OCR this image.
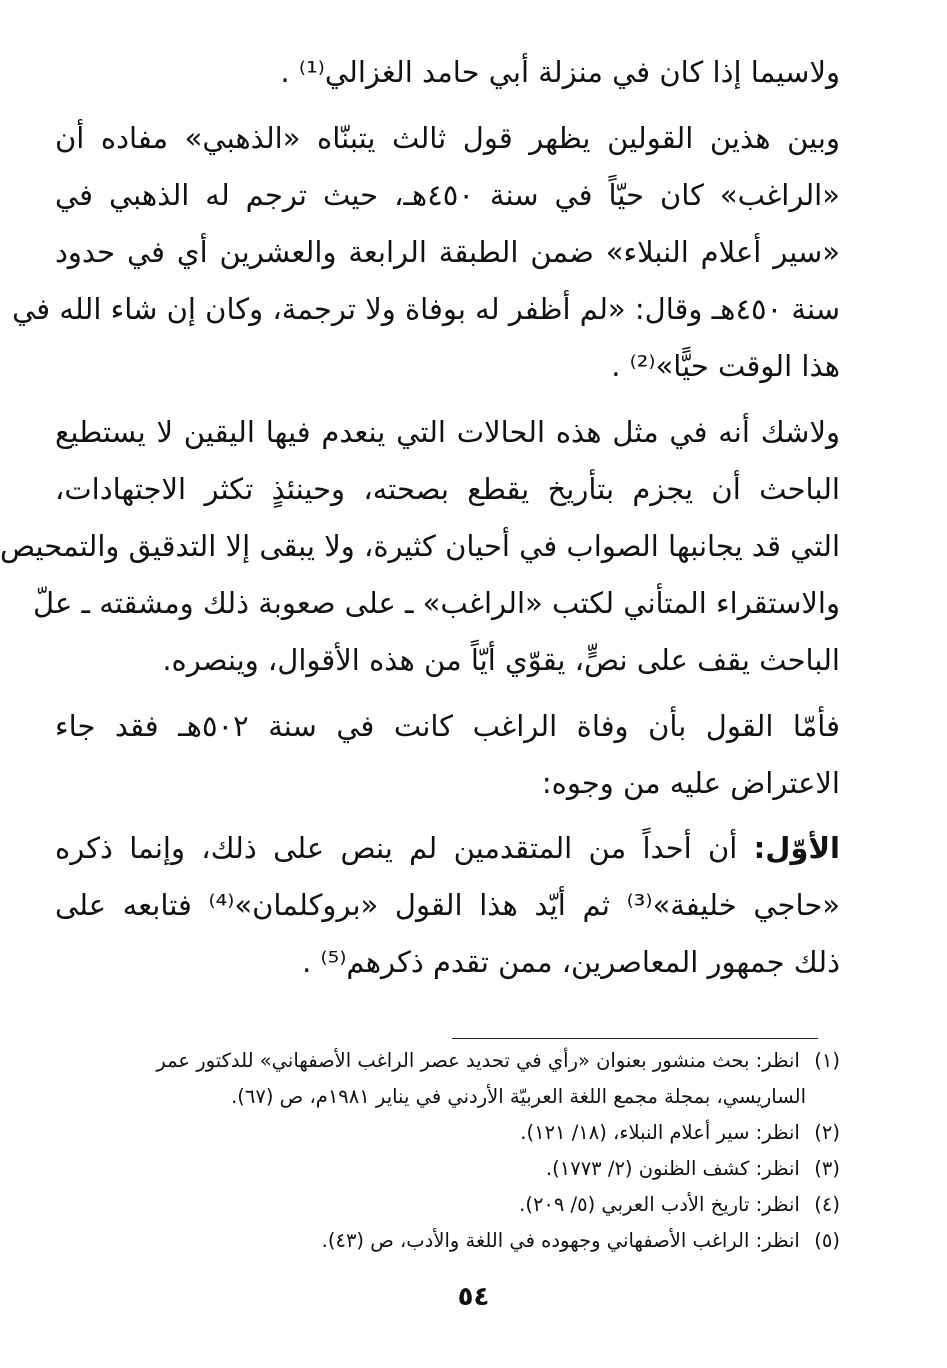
ولاسيما إذا كان في منزلة أبي حامد الغزالي⁽¹⁾ .

وبين هذين القولين يظهر قول ثالث يتبنّاه «الذهبي» مفاده أن
«الراغب» كان حيّاً في سنة ٤٥٠هـ، حيث ترجم له الذهبي في
«سير أعلام النبلاء» ضمن الطبقة الرابعة والعشرين أي في حدود
سنة ٤٥٠هـ وقال: «لم أظفر له بوفاة ولا ترجمة، وكان إن شاء الله في
هذا الوقت حيًّا»⁽²⁾ .

ولاشك أنه في مثل هذه الحالات التي ينعدم فيها اليقين لا يستطيع
الباحث أن يجزم بتأريخ يقطع بصحته، وحينئذٍ تكثر الاجتهادات،
التي قد يجانبها الصواب في أحيان كثيرة، ولا يبقى إلا التدقيق والتمحيص
والاستقراء المتأني لكتب «الراغب» ـ على صعوبة ذلك ومشقته ـ علّ
الباحث يقف على نصٍّ، يقوّي أيّاً من هذه الأقوال، وينصره.

فأمّا القول بأن وفاة الراغب كانت في سنة ٥٠٢هـ فقد جاء
الاعتراض عليه من وجوه:

الأوّل: أن أحداً من المتقدمين لم ينص على ذلك، وإنما ذكره
«حاجي خليفة»⁽³⁾ ثم أيّد هذا القول «بروكلمان»⁽⁴⁾ فتابعه على
ذلك جمهور المعاصرين، ممن تقدم ذكرهم⁽⁵⁾ .

(١) انظر: بحث منشور بعنوان «رأي في تحديد عصر الراغب الأصفهاني» للدكتور عمر
الساريسي، بمجلة مجمع اللغة العربيّة الأردني في يناير ١٩٨١م، ص (٦٧).
(٢) انظر: سير أعلام النبلاء، (١٨/ ١٢١).
(٣) انظر: كشف الظنون (٢/ ١٧٧٣).
(٤) انظر: تاريخ الأدب العربي (٥/ ٢٠٩).
(٥) انظر: الراغب الأصفهاني وجهوده في اللغة والأدب، ص (٤٣).
٥٤
